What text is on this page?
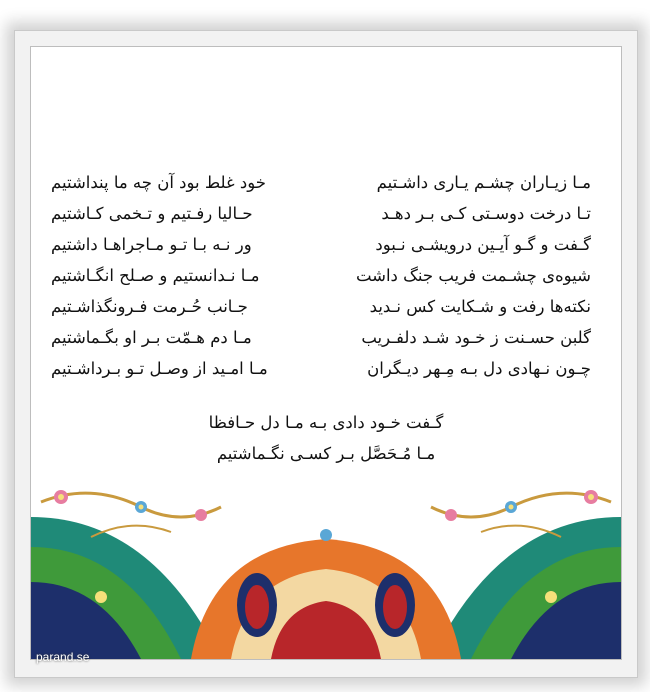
مـا زیـاران چشـم یـاری داشـتیم
خود غلط بود آن چه ما پنداشتیم
تـا درخت دوسـتی کـی بـر دهـد
حـالیا رفـتیم و تـخمی کـاشتیم
گـفت و گـو آیـین درویشـی نـبود
ور نـه بـا تـو مـاجراهـا داشتیم
شیوه‌ی چشـمت فریب جنگ داشت
مـا نـدانستیم و صـلح انگـاشتیم
نکته‌ها رفت و شـکایت کس نـدید
جـانب حُـرمت فـرونگذاشـتیم
گلبن حسـنت ز خـود شـد دلفـریب
مـا دم هـمّت بـر او بگـماشتیم
چـون نـهادی دل بـه مِـهر دیـگران
مـا امـید از وصـل تـو بـرداشـتیم
گـفت خـود دادی بـه مـا دل حـافظا
مـا مُـحَصَّل بـر کسـی نگـماشتیم
parand.se
